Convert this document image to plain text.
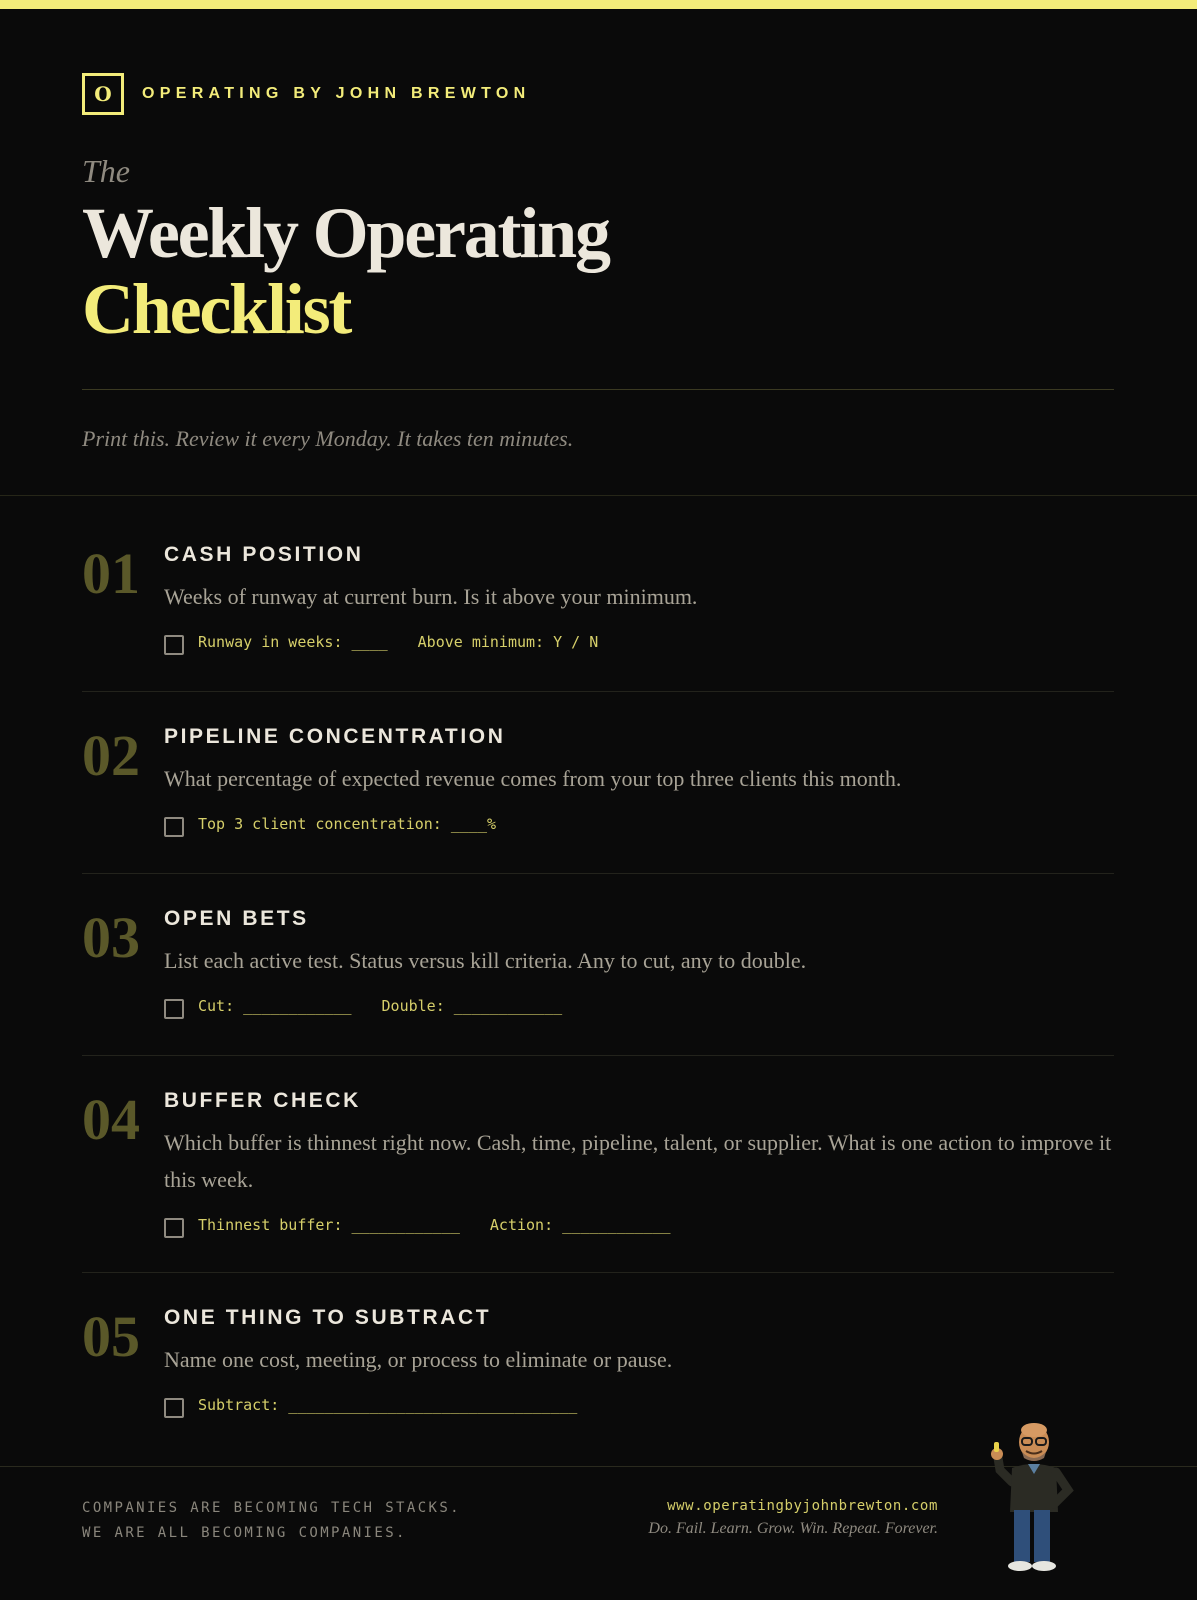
O	OPERATING BY JOHN BREWTON
The
Weekly Operating
Checklist
Print this. Review it every Monday. It takes ten minutes.
01 CASH POSITION
Weeks of runway at current burn. Is it above your minimum.
Runway in weeks: ____ Above minimum: Y / N
02 PIPELINE CONCENTRATION
What percentage of expected revenue comes from your top three clients this month.
Top 3 client concentration: ____%
03 OPEN BETS
List each active test. Status versus kill criteria. Any to cut, any to double.
Cut: ____________ Double: ____________
04 BUFFER CHECK
Which buffer is thinnest right now. Cash, time, pipeline, talent, or supplier. What is one action to improve it this week.
Thinnest buffer: ____________ Action: ____________
05 ONE THING TO SUBTRACT
Name one cost, meeting, or process to eliminate or pause.
Subtract: ________________________________
COMPANIES ARE BECOMING TECH STACKS.
WE ARE ALL BECOMING COMPANIES.
www.operatingbyjohnbrewton.com
Do. Fail. Learn. Grow. Win. Repeat. Forever.
